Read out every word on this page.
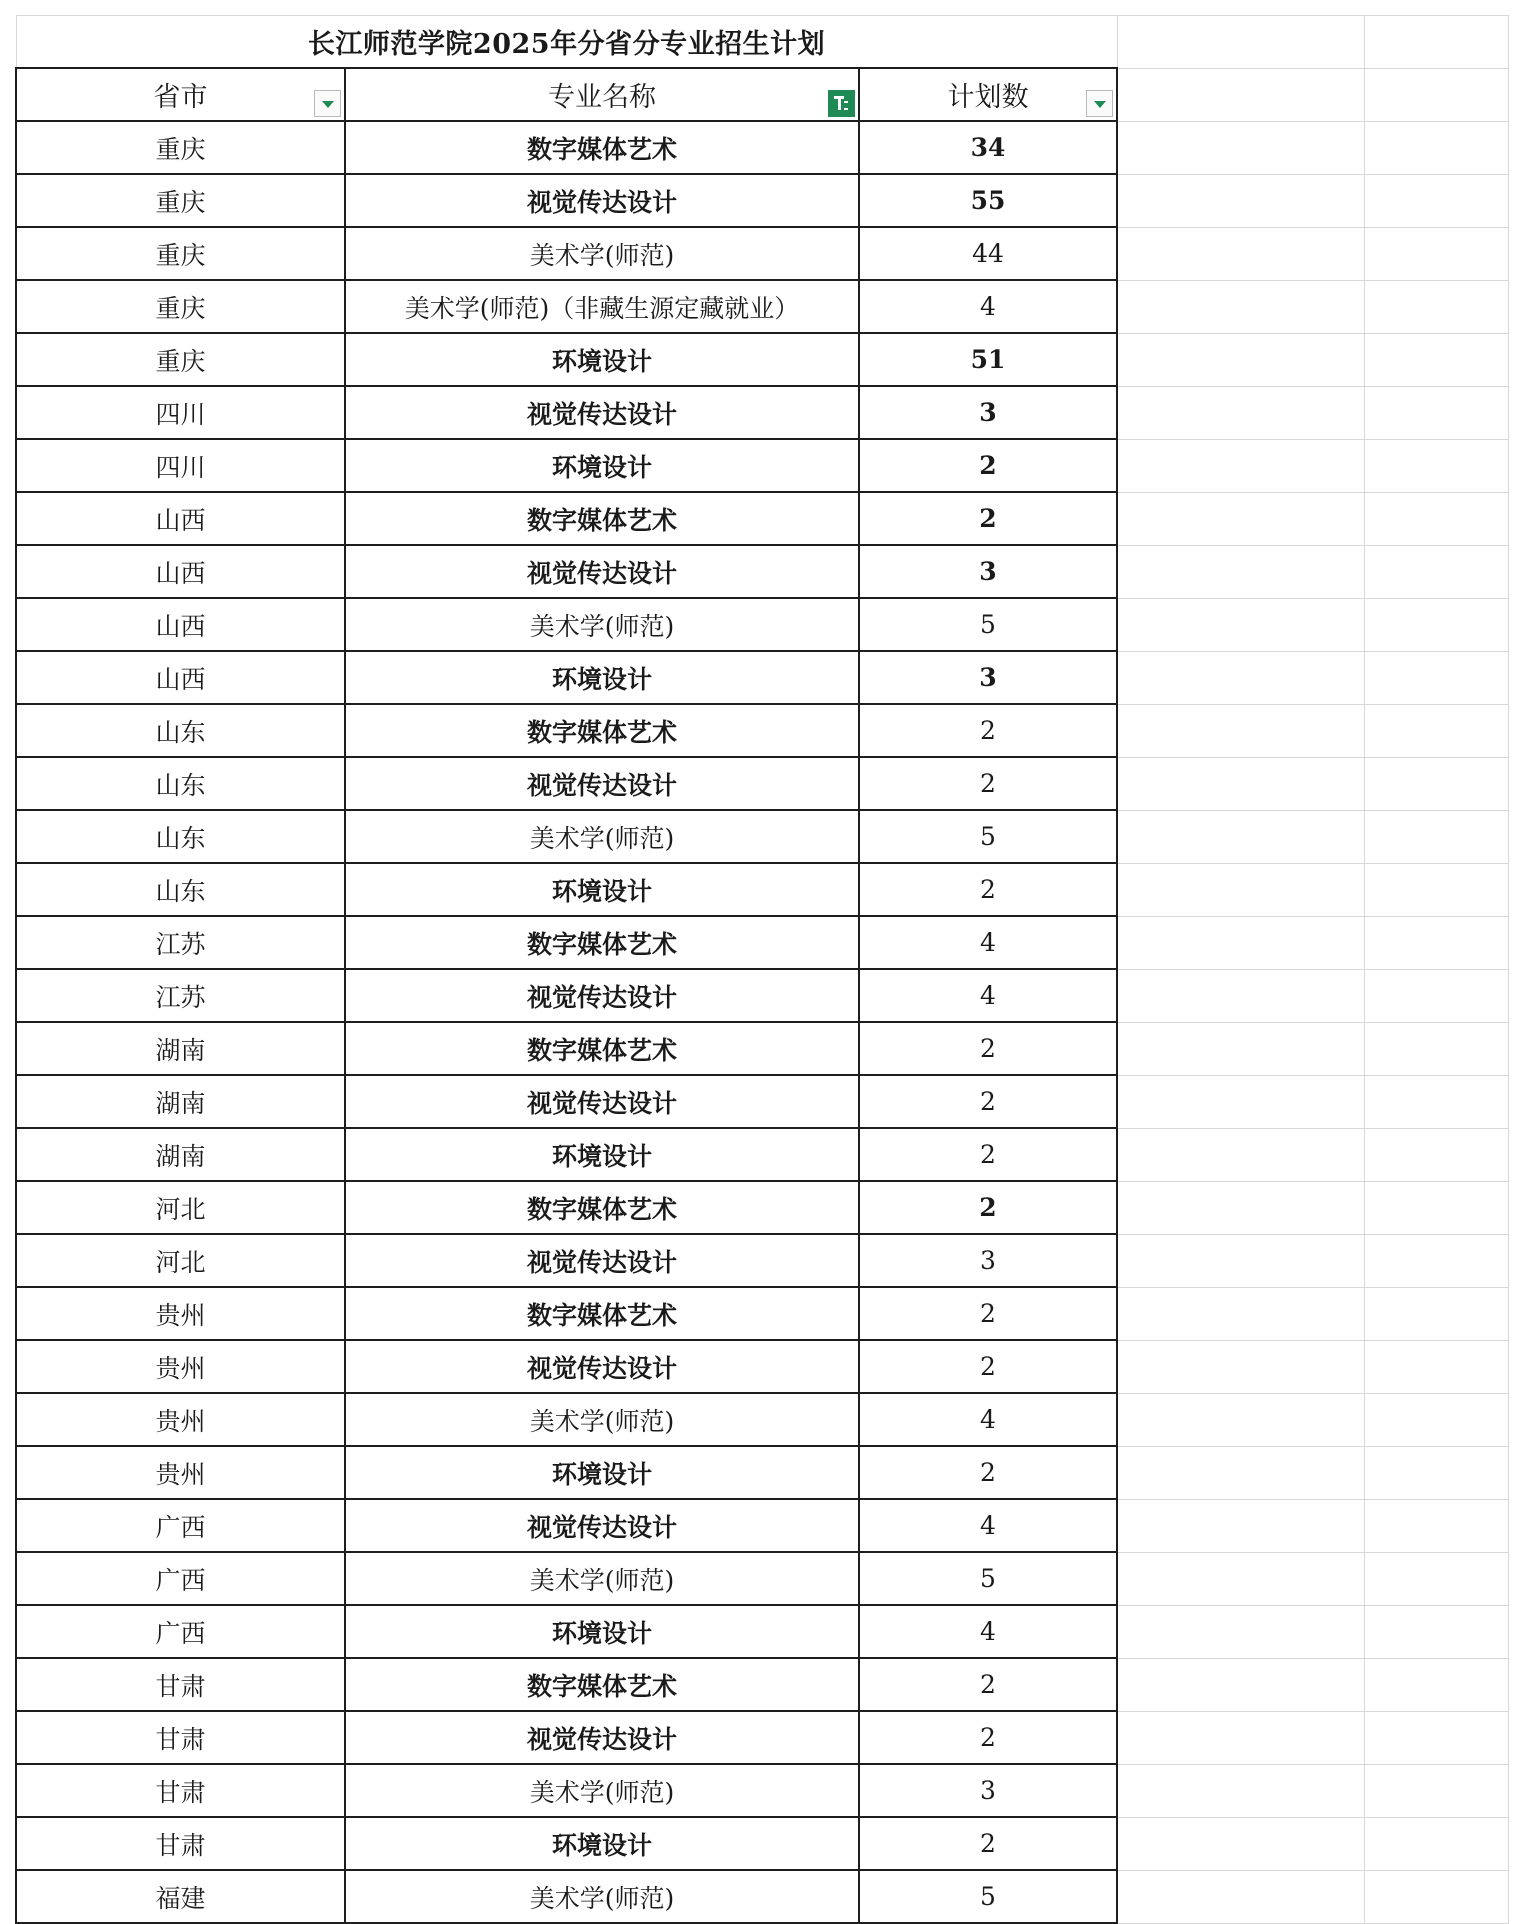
长江师范学院2025年分省分专业招生计划				
省市	专业名称	计划数

重庆	数字媒体艺术	34		
重庆	视觉传达设计	55		
重庆	美术学(师范)	44		
重庆	美术学(师范)（非藏生源定藏就业）	4		
重庆	环境设计	51		
四川	视觉传达设计	3		
四川	环境设计	2		
山西	数字媒体艺术	2		
山西	视觉传达设计	3		
山西	美术学(师范)	5		
山西	环境设计	3		
山东	数字媒体艺术	2		
山东	视觉传达设计	2		
山东	美术学(师范)	5		
山东	环境设计	2		
江苏	数字媒体艺术	4		
江苏	视觉传达设计	4		
湖南	数字媒体艺术	2		
湖南	视觉传达设计	2		
湖南	环境设计	2		
河北	数字媒体艺术	2		
河北	视觉传达设计	3		
贵州	数字媒体艺术	2		
贵州	视觉传达设计	2		
贵州	美术学(师范)	4		
贵州	环境设计	2		
广西	视觉传达设计	4		
广西	美术学(师范)	5		
广西	环境设计	4		
甘肃	数字媒体艺术	2		
甘肃	视觉传达设计	2		
甘肃	美术学(师范)	3		
甘肃	环境设计	2		
福建	美术学(师范)	5		
